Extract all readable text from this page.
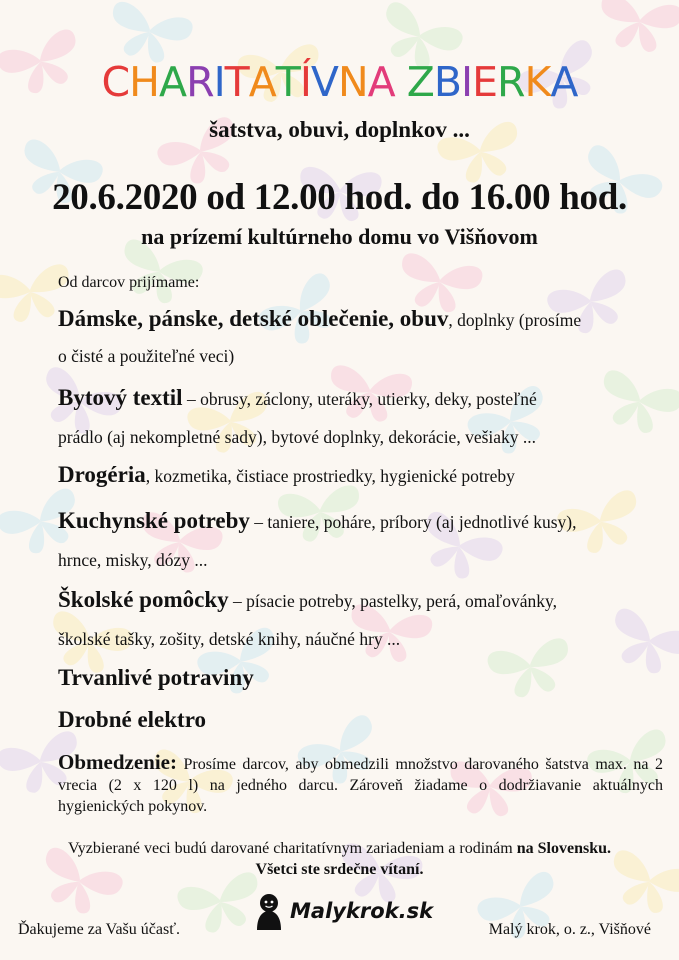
CHARITATÍVNA ZBIERKA
šatstva, obuvi, doplnkov ...
20.6.2020 od 12.00 hod. do 16.00 hod.
na prízemí kultúrneho domu vo Višňovom
Od darcov prijímame:
Dámske, pánske, detské oblečenie, obuv, doplnky (prosíme
o čisté a použiteľné veci)
Bytový textil – obrusy, záclony, uteráky, utierky, deky, posteľné
prádlo (aj nekompletné sady), bytové doplnky, dekorácie, vešiaky ...
Drogéria, kozmetika, čistiace prostriedky, hygienické potreby
Kuchynské potreby – taniere, poháre, príbory (aj jednotlivé kusy),
hrnce, misky, dózy ...
Školské pomôcky – písacie potreby, pastelky, perá, omaľovánky,
školské tašky, zošity, detské knihy, náučné hry ...
Trvanlivé potraviny
Drobné elektro
Obmedzenie: Prosíme darcov, aby obmedzili množstvo darovaného šatstva max. na 2 vrecia (2 x 120 l) na jedného darcu. Zároveň žiadame o dodržiavanie aktuálnych hygienických pokynov.
Vyzbierané veci budú darované charitatívnym zariadeniam a rodinám na Slovensku.
Všetci ste srdečne vítaní.
Ďakujeme za Vašu účasť.
Malykrok.sk
Malý krok, o. z., Višňové
